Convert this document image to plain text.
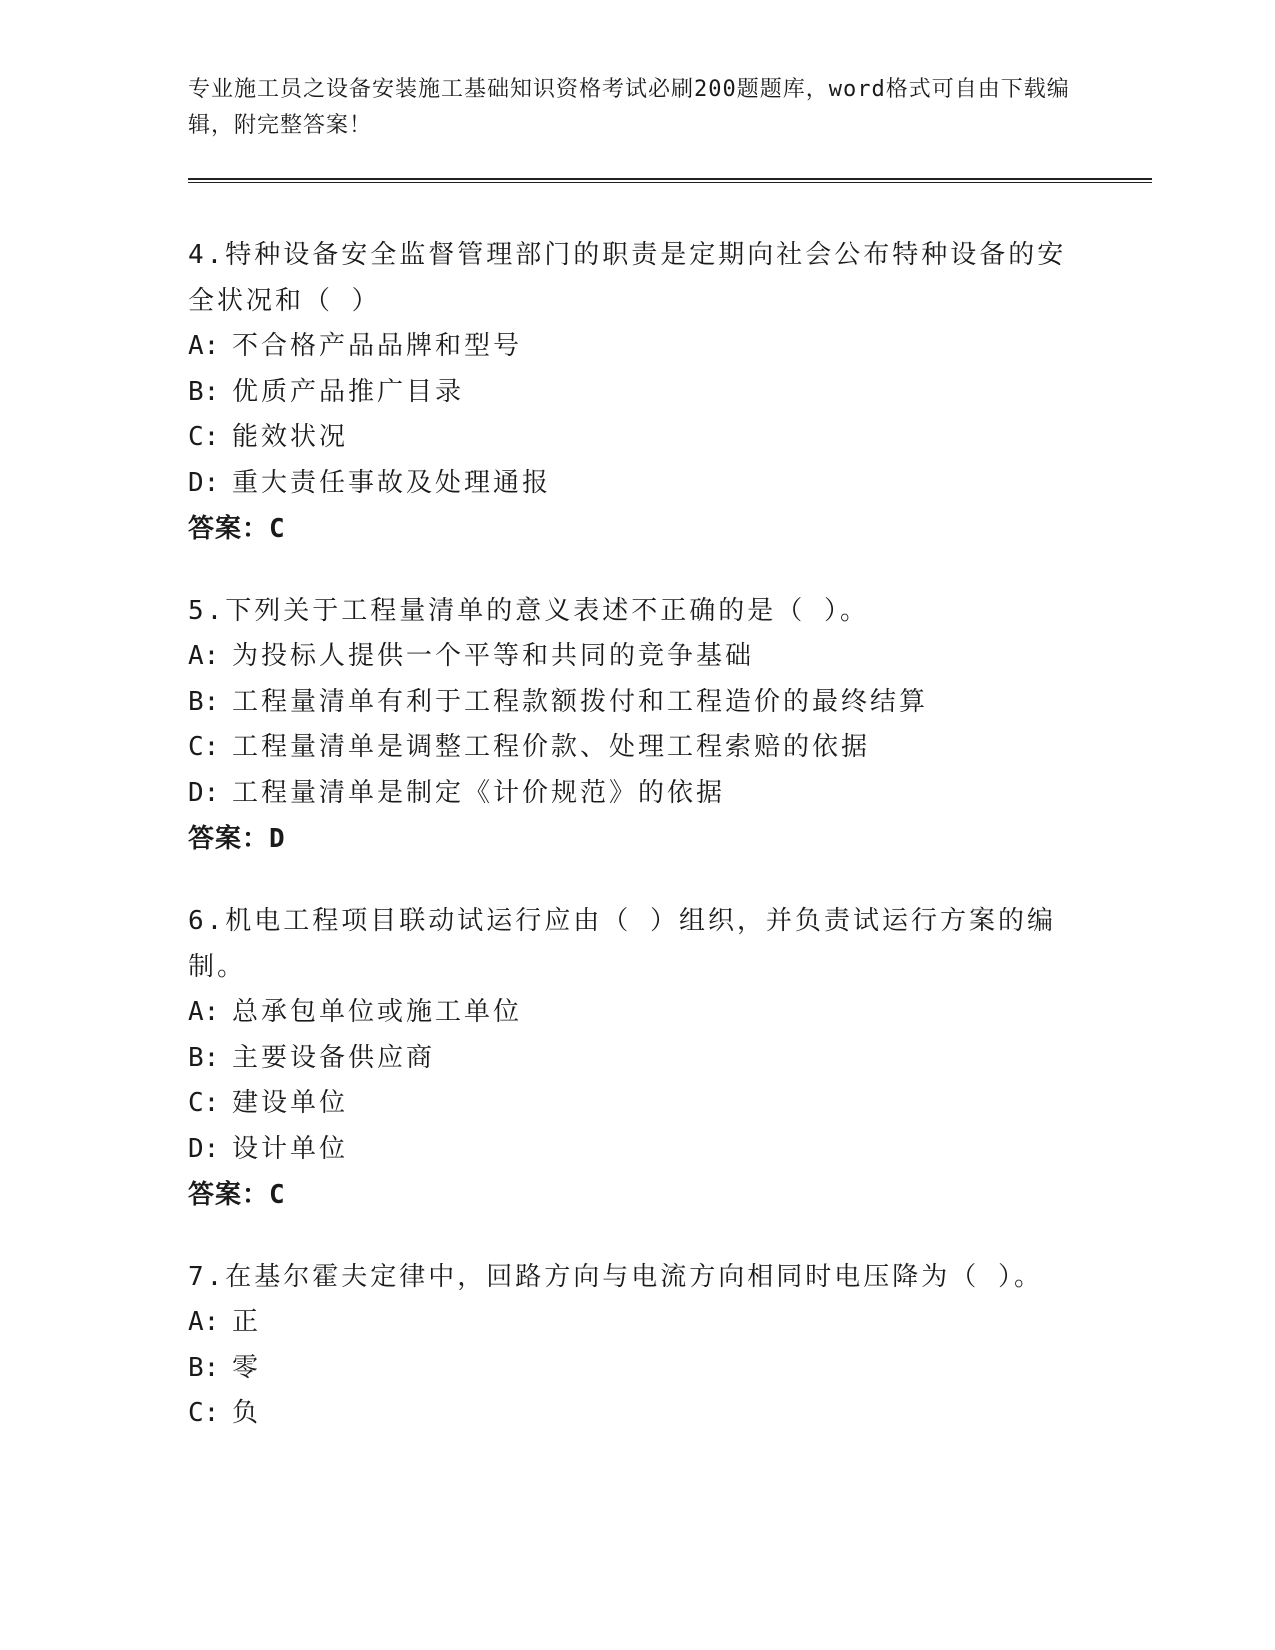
专业施工员之设备安装施工基础知识资格考试必刷200题题库，word格式可自由下载编辑，附完整答案！
4.特种设备安全监督管理部门的职责是定期向社会公布特种设备的安全状况和（ ）
A: 不合格产品品牌和型号
B: 优质产品推广目录
C: 能效状况
D: 重大责任事故及处理通报
答案：C
5.下列关于工程量清单的意义表述不正确的是（ ）。
A: 为投标人提供一个平等和共同的竞争基础
B: 工程量清单有利于工程款额拨付和工程造价的最终结算
C: 工程量清单是调整工程价款、处理工程索赔的依据
D: 工程量清单是制定《计价规范》的依据
答案：D
6.机电工程项目联动试运行应由（ ）组织，并负责试运行方案的编制。
A: 总承包单位或施工单位
B: 主要设备供应商
C: 建设单位
D: 设计单位
答案：C
7.在基尔霍夫定律中，回路方向与电流方向相同时电压降为（ ）。
A: 正
B: 零
C: 负
